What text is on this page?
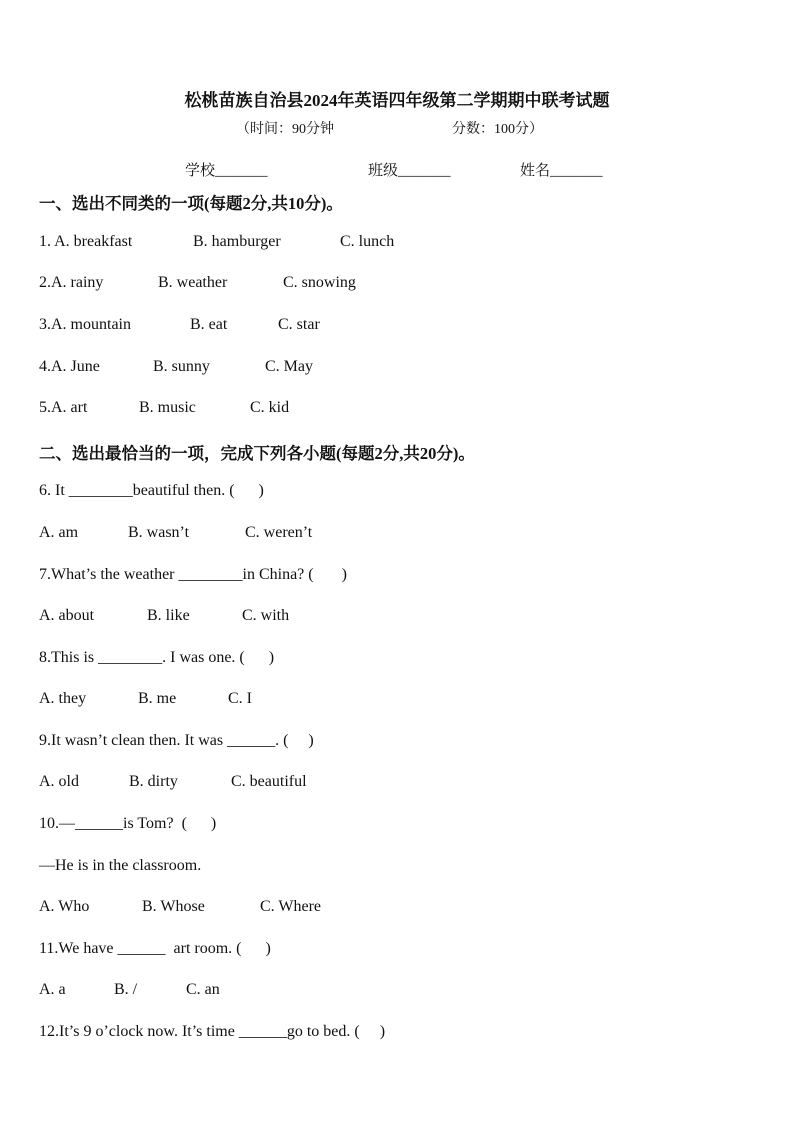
松桃苗族自治县2024年英语四年级第二学期期中联考试题
（时间：90分钟	分数：100分）
学校_______	班级_______	姓名_______
一、选出不同类的一项(每题2分,共10分)。
1. A. breakfast	B. hamburger	C. lunch
2.A. rainy	B. weather	C. snowing
3.A. mountain	B. eat	C. star
4.A. June	B. sunny	C. May
5.A. art	B. music	C. kid
二、选出最恰当的一项，完成下列各小题(每题2分,共20分)。
6. It ________beautiful then. (      )
A. am	B. wasn’t	C. weren’t
7.What’s the weather ________in China? (       )
A. about	B. like	C. with
8.This is ________. I was one. (      )
A. they	B. me	C. I
9.It wasn’t clean then. It was ______. (     )
A. old	B. dirty	C. beautiful
10.—______is Tom?  (      )
—He is in the classroom.
A. Who	B. Whose	C. Where
11.We have ______  art room. (      )
A. a	B. /	C. an
12.It’s 9 o’clock now. It’s time ______go to bed. (     )
